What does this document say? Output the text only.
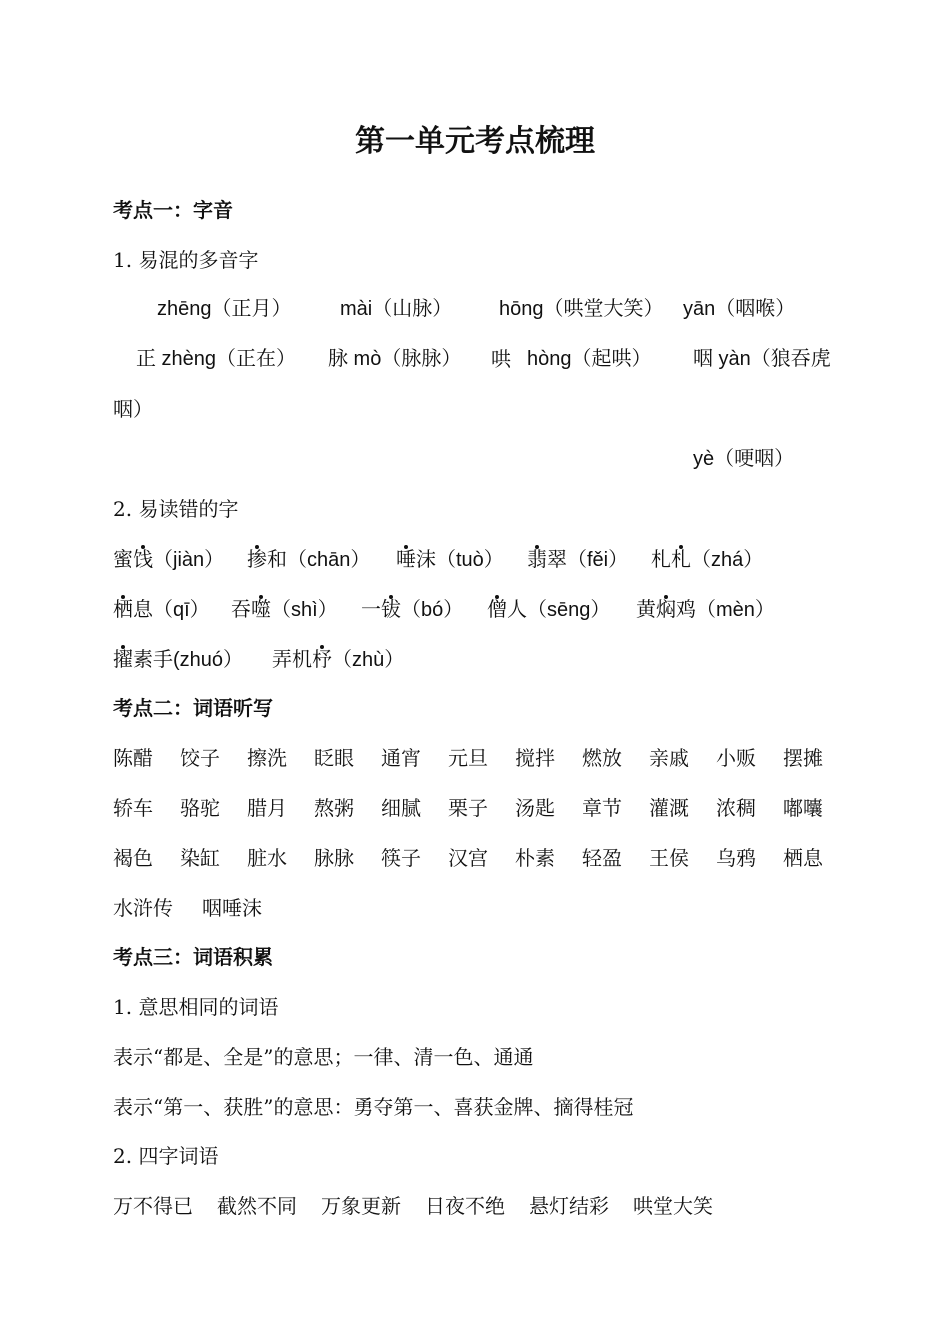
第一单元考点梳理
考点一：字音
1. 易混的多音字
zhēng（正月） mài（山脉） hōng（哄堂大笑） yān（咽喉）
正 zhèng（正在） 脉 mò（脉脉） 哄 hòng（起哄） 咽 yàn（狼吞虎
咽）
yè（哽咽）
2. 易读错的字
蜜饯（jiàn） 掺和（chān） 唾沫（tuò） 翡翠（fěi） 札札（zhá）
栖息（qī） 吞噬（shì） 一钹（bó） 僧人（sēng） 黄焖鸡（mèn）
擢素手(zhuó） 弄机杼（zhù）
考点二：词语听写
陈醋	饺子	擦洗	眨眼	通宵	元旦	搅拌	燃放	亲戚	小贩	摆摊
轿车	骆驼	腊月	熬粥	细腻	栗子	汤匙	章节	灌溉	浓稠	嘟囔
褐色	染缸	脏水	脉脉	筷子	汉宫	朴素	轻盈	王侯	乌鸦	栖息
水浒传	咽唾沫
考点三：词语积累
1. 意思相同的词语
表示“都是、全是”的意思；一律、清一色、通通
表示“第一、获胜”的意思：勇夺第一、喜获金牌、摘得桂冠
2. 四字词语
万不得已 截然不同 万象更新 日夜不绝 悬灯结彩 哄堂大笑
